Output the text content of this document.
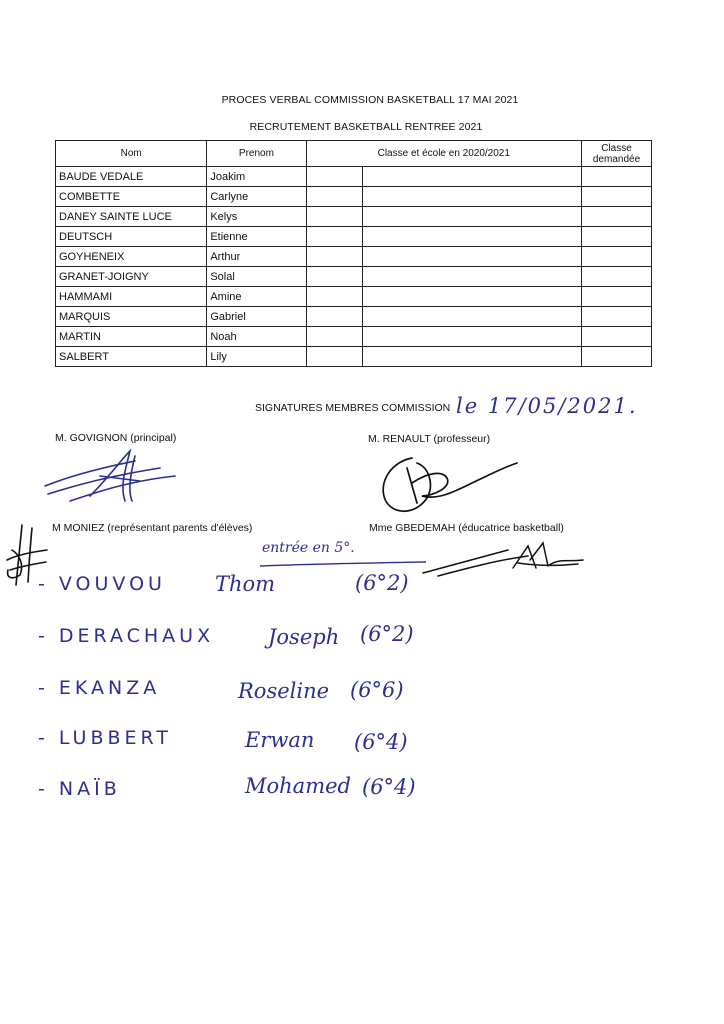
PROCES VERBAL COMMISSION BASKETBALL 17 MAI 2021
RECRUTEMENT BASKETBALL RENTREE 2021
Nom	Prenom	Classe et école en 2020/2021		Classe
demandée

BAUDE VEDALE	Joakim			
COMBETTE	Carlyne			
DANEY SAINTE LUCE	Kelys			
DEUTSCH	Etienne			
GOYHENEIX	Arthur			
GRANET-JOIGNY	Solal			
HAMMAMI	Amine			
MARQUIS	Gabriel			
MARTIN	Noah			
SALBERT	Lily			
SIGNATURES MEMBRES COMMISSION le 17/05/2021.
M. GOVIGNON (principal)	M. RENAULT (professeur)
M MONIEZ (représentant parents d'élèves)	Mme GBEDEMAH (éducatrice basketball)
entrée en 5°.
- VOUVOU Thom	(6°2)
- DERACHAUX	Joseph (6°2)
- EKANZA	Roseline (6°6)
- LUBBERT	Erwan (6°4)
- NAÏB	Mohamed (6°4)
